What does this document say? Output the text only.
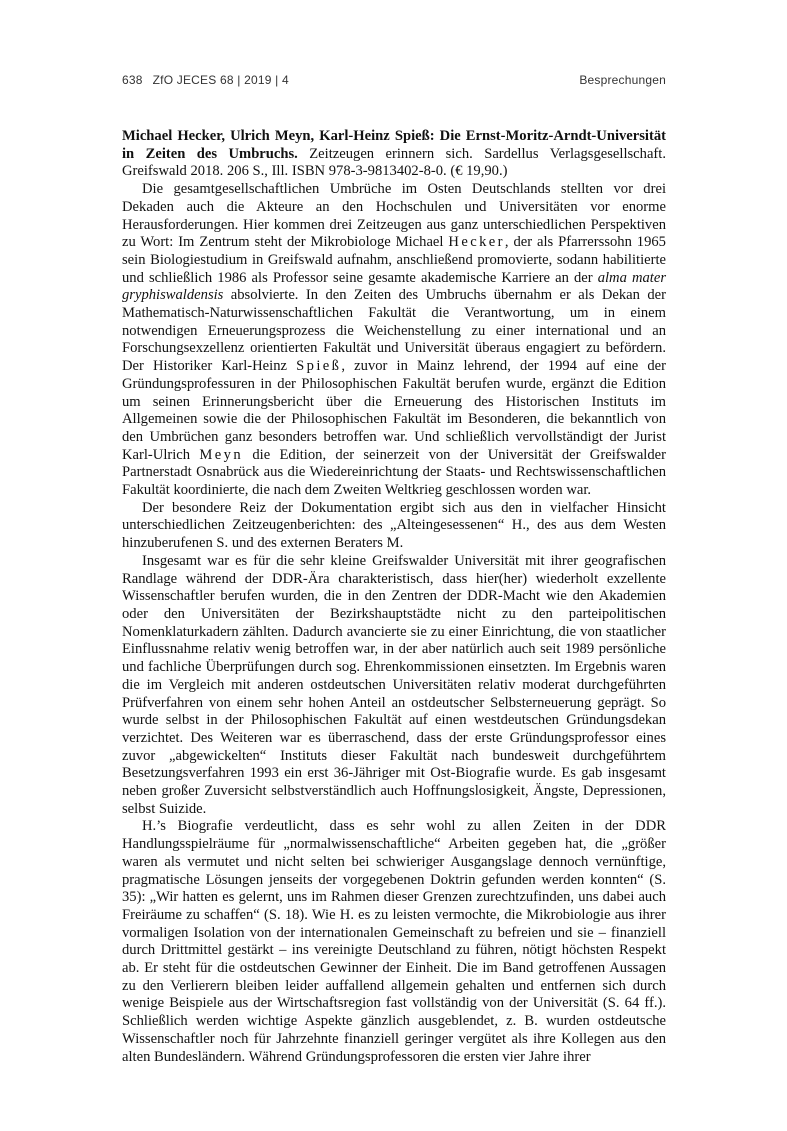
638 ZfO JECES 68 | 2019 | 4	Besprechungen

Michael Hecker, Ulrich Meyn, Karl-Heinz Spieß: Die Ernst-Moritz-Arndt-Universität in Zeiten des Umbruchs. Zeitzeugen erinnern sich. Sardellus Verlagsgesellschaft. Greifswald 2018. 206 S., Ill. ISBN 978-3-9813402-8-0. (€ 19,90.)

Die gesamtgesellschaftlichen Umbrüche im Osten Deutschlands stellten vor drei Dekaden auch die Akteure an den Hochschulen und Universitäten vor enorme Herausforderungen. Hier kommen drei Zeitzeugen aus ganz unterschiedlichen Perspektiven zu Wort: Im Zentrum steht der Mikrobiologe Michael Hecker, der als Pfarrerssohn 1965 sein Biologiestudium in Greifswald aufnahm, anschließend promovierte, sodann habilitierte und schließlich 1986 als Professor seine gesamte akademische Karriere an der alma mater gryphiswaldensis absolvierte. In den Zeiten des Umbruchs übernahm er als Dekan der Mathematisch-Naturwissenschaftlichen Fakultät die Verantwortung, um in einem notwendigen Erneuerungsprozess die Weichenstellung zu einer international und an Forschungsexzellenz orientierten Fakultät und Universität überaus engagiert zu befördern. Der Historiker Karl-Heinz Spieß, zuvor in Mainz lehrend, der 1994 auf eine der Gründungsprofessuren in der Philosophischen Fakultät berufen wurde, ergänzt die Edition um seinen Erinnerungsbericht über die Erneuerung des Historischen Instituts im Allgemeinen sowie die der Philosophischen Fakultät im Besonderen, die bekanntlich von den Umbrüchen ganz besonders betroffen war. Und schließlich vervollständigt der Jurist Karl-Ulrich Meyn die Edition, der seinerzeit von der Universität der Greifswalder Partnerstadt Osnabrück aus die Wiedereinrichtung der Staats- und Rechtswissenschaftlichen Fakultät koordinierte, die nach dem Zweiten Weltkrieg geschlossen worden war.

Der besondere Reiz der Dokumentation ergibt sich aus den in vielfacher Hinsicht unterschiedlichen Zeitzeugenberichten: des „Alteingesessenen“ H., des aus dem Westen hinzuberufenen S. und des externen Beraters M.

Insgesamt war es für die sehr kleine Greifswalder Universität mit ihrer geografischen Randlage während der DDR-Ära charakteristisch, dass hier(her) wiederholt exzellente Wissenschaftler berufen wurden, die in den Zentren der DDR-Macht wie den Akademien oder den Universitäten der Bezirkshauptstädte nicht zu den parteipolitischen Nomenklaturkadern zählten. Dadurch avancierte sie zu einer Einrichtung, die von staatlicher Einflussnahme relativ wenig betroffen war, in der aber natürlich auch seit 1989 persönliche und fachliche Überprüfungen durch sog. Ehrenkommissionen einsetzten. Im Ergebnis waren die im Vergleich mit anderen ostdeutschen Universitäten relativ moderat durchgeführten Prüfverfahren von einem sehr hohen Anteil an ostdeutscher Selbsterneuerung geprägt. So wurde selbst in der Philosophischen Fakultät auf einen westdeutschen Gründungsdekan verzichtet. Des Weiteren war es überraschend, dass der erste Gründungsprofessor eines zuvor „abgewickelten“ Instituts dieser Fakultät nach bundesweit durchgeführtem Besetzungsverfahren 1993 ein erst 36-Jähriger mit Ost-Biografie wurde. Es gab insgesamt neben großer Zuversicht selbstverständlich auch Hoffnungslosigkeit, Ängste, Depressionen, selbst Suizide.

H.’s Biografie verdeutlicht, dass es sehr wohl zu allen Zeiten in der DDR Handlungsspielräume für „normalwissenschaftliche“ Arbeiten gegeben hat, die „größer waren als vermutet und nicht selten bei schwieriger Ausgangslage dennoch vernünftige, pragmatische Lösungen jenseits der vorgegebenen Doktrin gefunden werden konnten“ (S. 35): „Wir hatten es gelernt, uns im Rahmen dieser Grenzen zurechtzufinden, uns dabei auch Freiräume zu schaffen“ (S. 18). Wie H. es zu leisten vermochte, die Mikrobiologie aus ihrer vormaligen Isolation von der internationalen Gemeinschaft zu befreien und sie – finanziell durch Drittmittel gestärkt – ins vereinigte Deutschland zu führen, nötigt höchsten Respekt ab. Er steht für die ostdeutschen Gewinner der Einheit. Die im Band getroffenen Aussagen zu den Verlierern bleiben leider auffallend allgemein gehalten und entfernen sich durch wenige Beispiele aus der Wirtschaftsregion fast vollständig von der Universität (S. 64 ff.). Schließlich werden wichtige Aspekte gänzlich ausgeblendet, z. B. wurden ostdeutsche Wissenschaftler noch für Jahrzehnte finanziell geringer vergütet als ihre Kollegen aus den alten Bundesländern. Während Gründungsprofessoren die ersten vier Jahre ihrer
